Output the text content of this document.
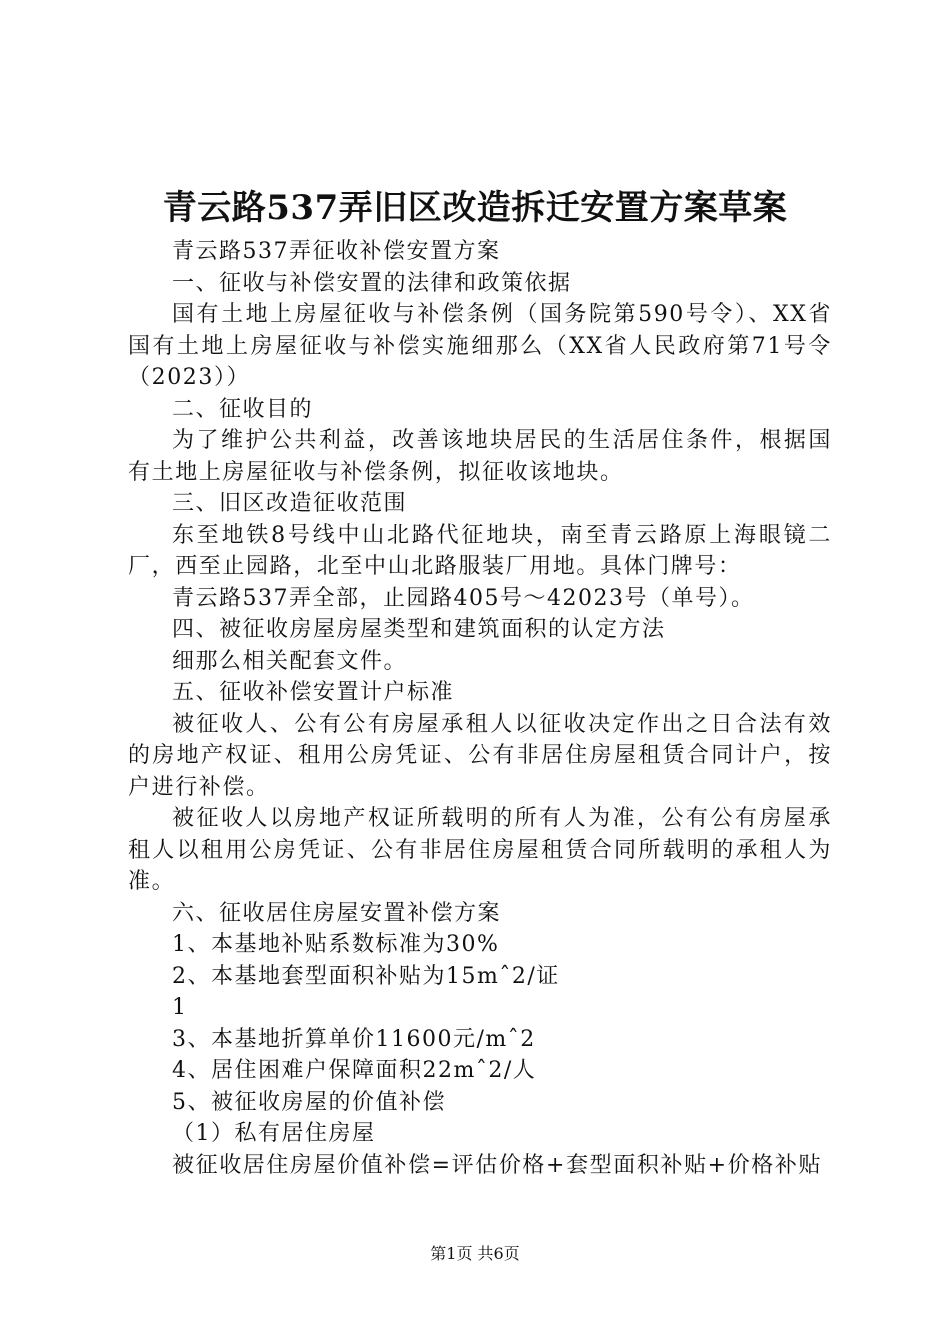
青云路537弄旧区改造拆迁安置方案草案

青云路537弄征收补偿安置方案

一、征收与补偿安置的法律和政策依据

国有土地上房屋征收与补偿条例（国务院第590号令）、XX省国有土地上房屋征收与补偿实施细那么（XX省人民政府第71号令（2023））

二、征收目的

为了维护公共利益，改善该地块居民的生活居住条件，根据国有土地上房屋征收与补偿条例，拟征收该地块。

三、旧区改造征收范围

东至地铁8号线中山北路代征地块，南至青云路原上海眼镜二厂，西至止园路，北至中山北路服装厂用地。具体门牌号：

青云路537弄全部，止园路405号～42023号（单号）。

四、被征收房屋房屋类型和建筑面积的认定方法

细那么相关配套文件。

五、征收补偿安置计户标准

被征收人、公有公有房屋承租人以征收决定作出之日合法有效的房地产权证、租用公房凭证、公有非居住房屋租赁合同计户，按户进行补偿。

被征收人以房地产权证所载明的所有人为准，公有公有房屋承租人以租用公房凭证、公有非居住房屋租赁合同所载明的承租人为准。

六、征收居住房屋安置补偿方案

1、本基地补贴系数标准为30%

2、本基地套型面积补贴为15mˆ2/证

1

3、本基地折算单价11600元/mˆ2

4、居住困难户保障面积22mˆ2/人

5、被征收房屋的价值补偿

（1）私有居住房屋

被征收居住房屋价值补偿=评估价格+套型面积补贴+价格补贴

第1页 共6页
